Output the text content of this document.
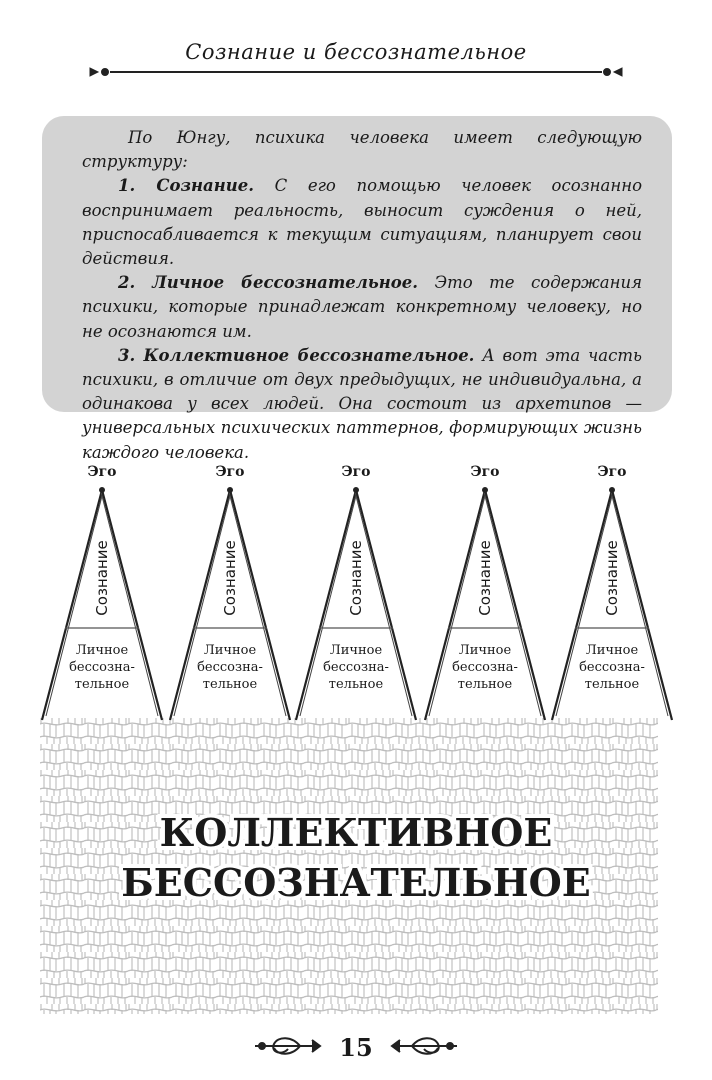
Сознание и бессознательное

По Юнгу, психика человека имеет следующую структуру:

1. Сознание. С его помощью человек осознанно воспринимает реальность, выносит суждения о ней, приспосабливается к текущим ситуациям, планирует свои действия.

2. Личное бессознательное. Это те содержания психики, которые принадлежат конкретному человеку, но не осознаются им.

3. Коллективное бессознательное. А вот эта часть психики, в отличие от двух предыдущих, не индивидуальна, а одинакова у всех людей. Она состоит из архетипов — универсальных психических паттернов, формирующих жизнь каждого человека.

Эго
Сознание
Личное
бессозна-
тельное
Эго
Сознание
Личное
бессозна-
тельное
Эго
Сознание
Личное
бессозна-
тельное
Эго
Сознание
Личное
бессозна-
тельное
Эго
Сознание
Личное
бессозна-
тельное
КОЛЛЕКТИВНОЕ
БЕССОЗНАТЕЛЬНОЕ
15
